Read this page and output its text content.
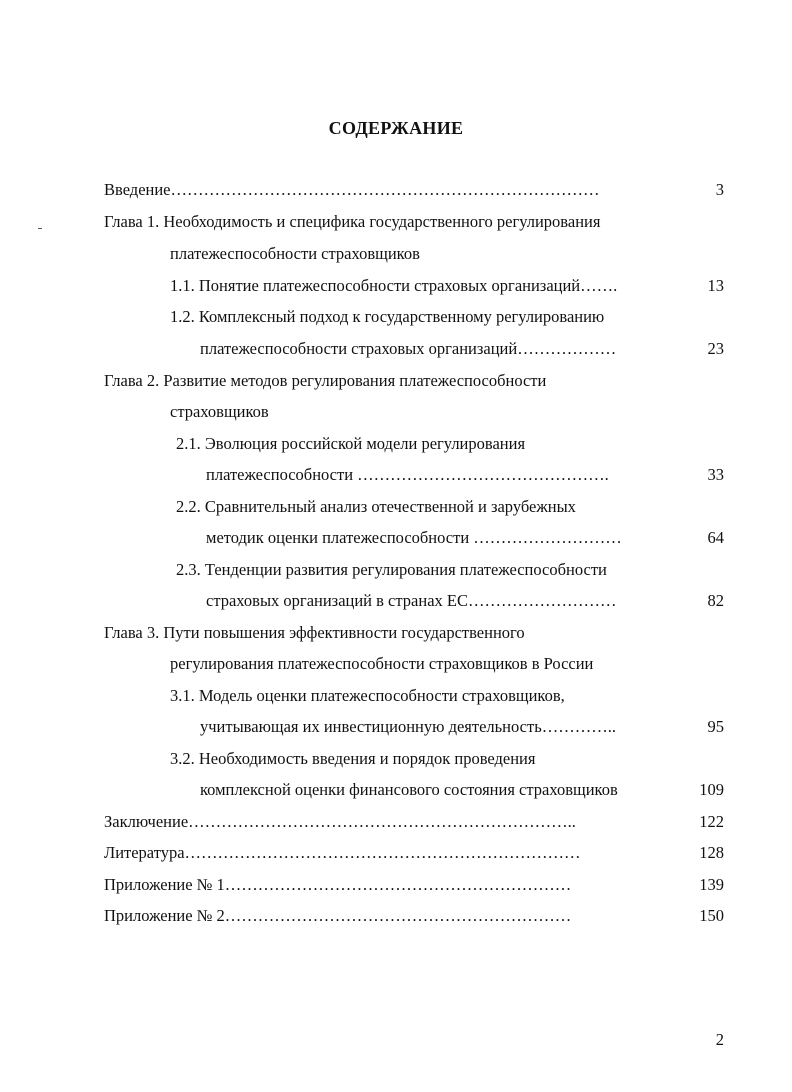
СОДЕРЖАНИЕ
Введение……………………………………………………………………	3
Глава 1. Необходимость и специфика государственного регулирования
платежеспособности страховщиков
1.1. Понятие платежеспособности страховых организаций…….	13
1.2. Комплексный подход к государственному регулированию
платежеспособности страховых организаций………………	23
Глава 2. Развитие методов регулирования платежеспособности
страховщиков
2.1. Эволюция российской модели регулирования
платежеспособности ……………………………………….	33
2.2. Сравнительный анализ отечественной и зарубежных
методик оценки платежеспособности ………………………	64
2.3. Тенденции развития регулирования платежеспособности
страховых организаций в странах ЕС………………………	82
Глава 3. Пути повышения эффективности государственного
регулирования платежеспособности страховщиков в России
3.1. Модель оценки платежеспособности страховщиков,
учитывающая их инвестиционную деятельность…………..	95
3.2. Необходимость введения и порядок проведения
комплексной оценки финансового состояния страховщиков	109
Заключение……………………………………………………………..	122
Литература………………………………………………………………	128
Приложение № 1………………………………………………………	139
Приложение № 2………………………………………………………	150
2
